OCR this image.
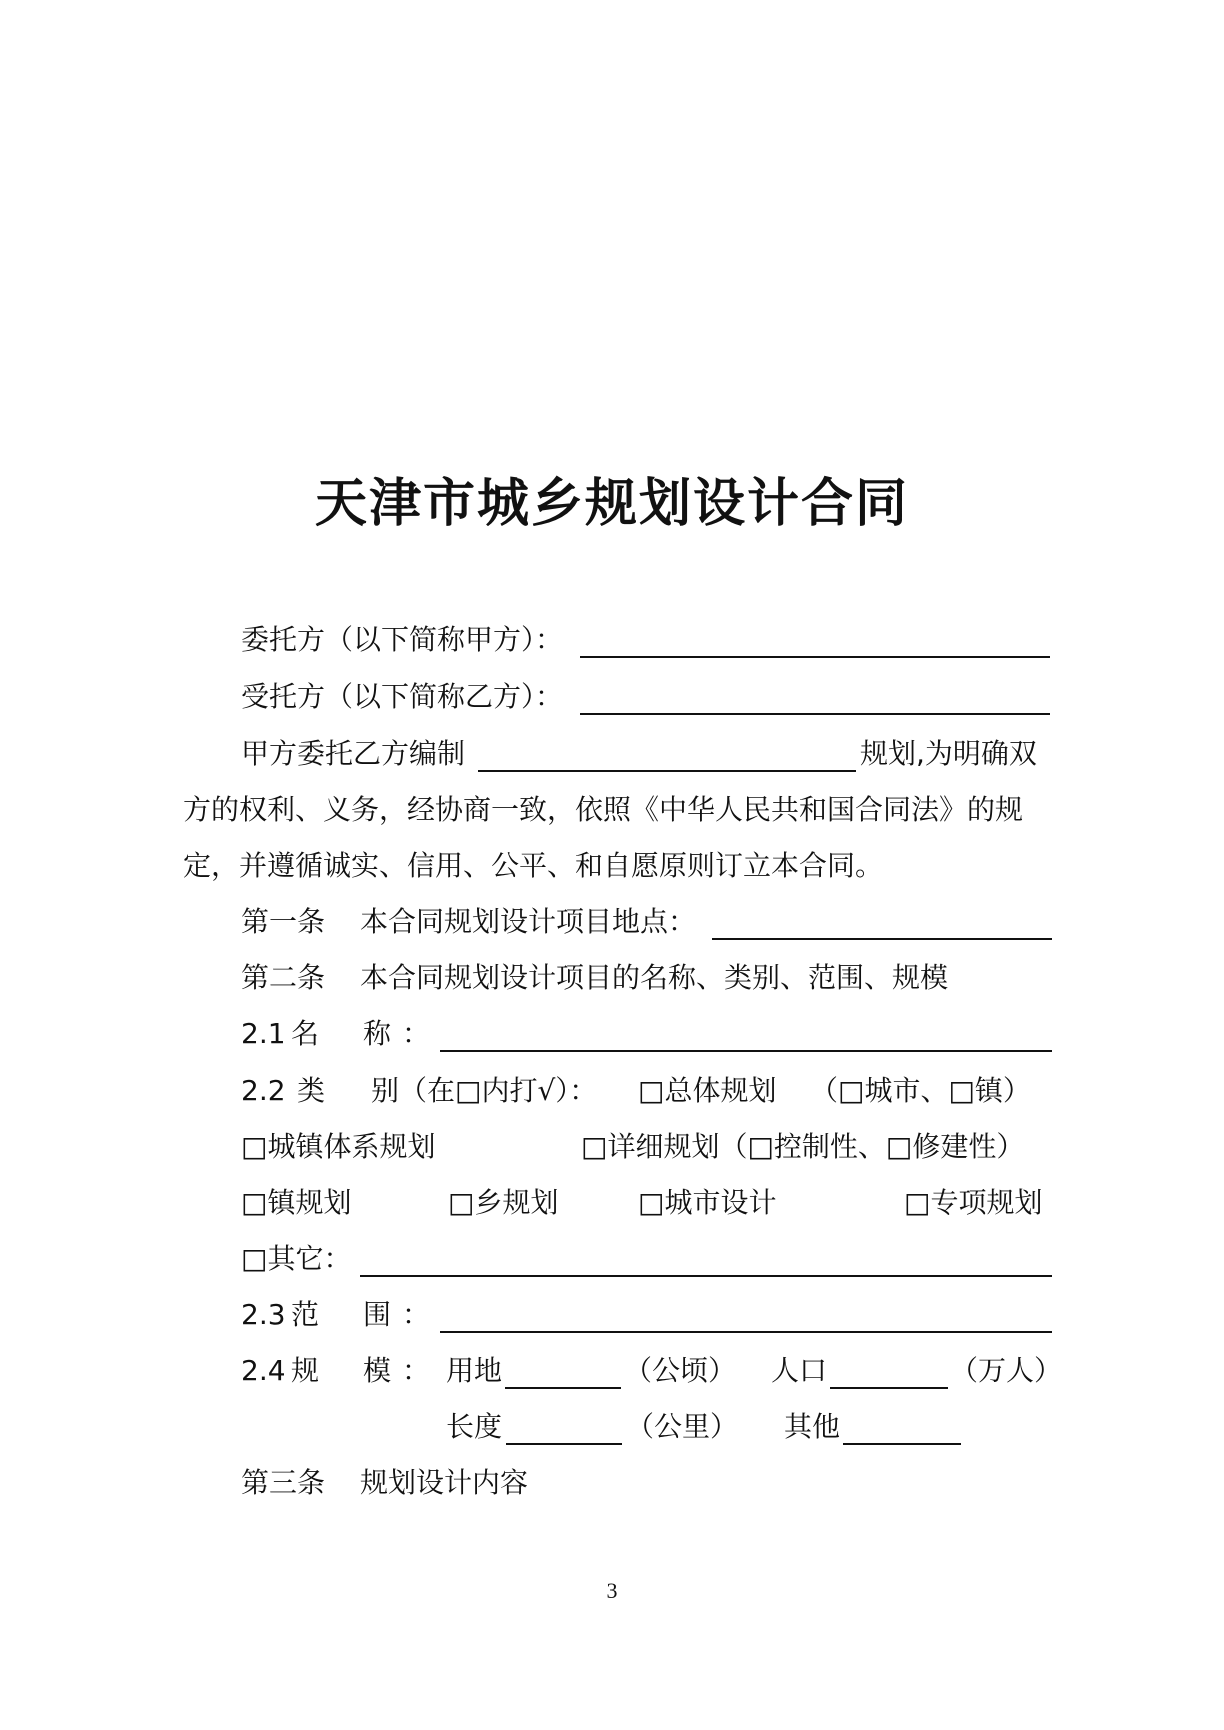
天津市城乡规划设计合同
委托方（以下简称甲方）：
受托方（以下简称乙方）：
甲方委托乙方编制	规划,为明确双
方的权利、义务，经协商一致，依照《中华人民共和国合同法》的规
定，并遵循诚实、信用、公平、和自愿原则订立本合同。
第一条 本合同规划设计项目地点：
第二条 本合同规划设计项目的名称、类别、范围、规模
2.1 名 称 ：
2.2 类 别（在□内打√）： □总体规划 （□城市、□镇）
□城镇体系规划	□详细规划（□控制性、□修建性）
□镇规划	□乡规划	□城市设计	□专项规划
□其它：
2.3 范 围 ：
2.4 规 模 ： 用地	（公顷） 人口	（万人）
长度	（公里） 其他
第三条 规划设计内容
3
